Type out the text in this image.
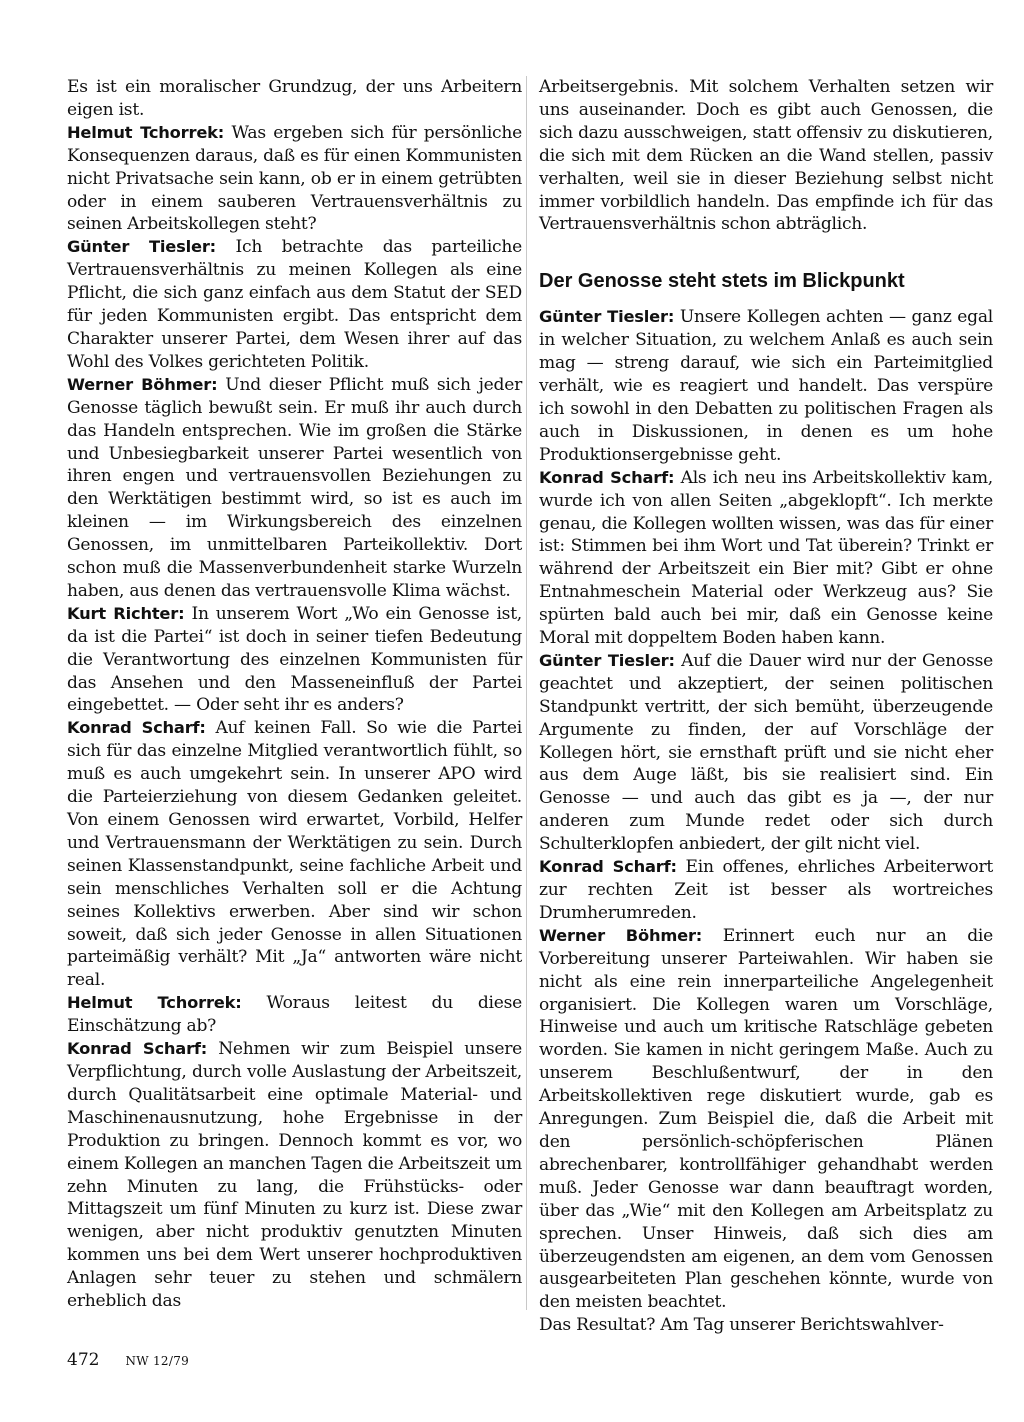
Es ist ein moralischer Grundzug, der uns Arbeitern eigen ist.

Helmut Tchorrek: Was ergeben sich für persönliche Konsequenzen daraus, daß es für einen Kommunisten nicht Privatsache sein kann, ob er in einem getrübten oder in einem sauberen Vertrauensverhältnis zu seinen Arbeitskollegen steht?

Günter Tiesler: Ich betrachte das parteiliche Vertrauensverhältnis zu meinen Kollegen als eine Pflicht, die sich ganz einfach aus dem Statut der SED für jeden Kommunisten ergibt. Das entspricht dem Charakter unserer Partei, dem Wesen ihrer auf das Wohl des Volkes gerichteten Politik.

Werner Böhmer: Und dieser Pflicht muß sich jeder Genosse täglich bewußt sein. Er muß ihr auch durch das Handeln entsprechen. Wie im großen die Stärke und Unbesiegbarkeit unserer Partei wesentlich von ihren engen und vertrauensvollen Beziehungen zu den Werktätigen bestimmt wird, so ist es auch im kleinen — im Wirkungsbereich des einzelnen Genossen, im unmittelbaren Parteikollektiv. Dort schon muß die Massenverbundenheit starke Wurzeln haben, aus denen das vertrauensvolle Klima wächst.

Kurt Richter: In unserem Wort „Wo ein Genosse ist, da ist die Partei“ ist doch in seiner tiefen Bedeutung die Verantwortung des einzelnen Kommunisten für das Ansehen und den Masseneinfluß der Partei eingebettet. — Oder seht ihr es anders?

Konrad Scharf: Auf keinen Fall. So wie die Partei sich für das einzelne Mitglied verantwortlich fühlt, so muß es auch umgekehrt sein. In unserer APO wird die Parteierziehung von diesem Gedanken geleitet. Von einem Genossen wird erwartet, Vorbild, Helfer und Vertrauensmann der Werktätigen zu sein. Durch seinen Klassenstandpunkt, seine fachliche Arbeit und sein menschliches Verhalten soll er die Achtung seines Kollektivs erwerben. Aber sind wir schon soweit, daß sich jeder Genosse in allen Situationen parteimäßig verhält? Mit „Ja“ antworten wäre nicht real.

Helmut Tchorrek: Woraus leitest du diese Einschätzung ab?

Konrad Scharf: Nehmen wir zum Beispiel unsere Verpflichtung, durch volle Auslastung der Arbeitszeit, durch Qualitätsarbeit eine optimale Material- und Maschinenausnutzung, hohe Ergebnisse in der Produktion zu bringen. Dennoch kommt es vor, wo einem Kollegen an manchen Tagen die Arbeitszeit um zehn Minuten zu lang, die Frühstücks- oder Mittagszeit um fünf Minuten zu kurz ist. Diese zwar wenigen, aber nicht produktiv genutzten Minuten kommen uns bei dem Wert unserer hochproduktiven Anlagen sehr teuer zu stehen und schmälern erheblich das

Arbeitsergebnis. Mit solchem Verhalten setzen wir uns auseinander. Doch es gibt auch Genossen, die sich dazu ausschweigen, statt offensiv zu diskutieren, die sich mit dem Rücken an die Wand stellen, passiv verhalten, weil sie in dieser Beziehung selbst nicht immer vorbildlich handeln. Das empfinde ich für das Vertrauensverhältnis schon abträglich.

Der Genosse steht stets im Blickpunkt

Günter Tiesler: Unsere Kollegen achten — ganz egal in welcher Situation, zu welchem Anlaß es auch sein mag — streng darauf, wie sich ein Parteimitglied verhält, wie es reagiert und handelt. Das verspüre ich sowohl in den Debatten zu politischen Fragen als auch in Diskussionen, in denen es um hohe Produktionsergebnisse geht.

Konrad Scharf: Als ich neu ins Arbeitskollektiv kam, wurde ich von allen Seiten „abgeklopft“. Ich merkte genau, die Kollegen wollten wissen, was das für einer ist: Stimmen bei ihm Wort und Tat überein? Trinkt er während der Arbeitszeit ein Bier mit? Gibt er ohne Entnahmeschein Material oder Werkzeug aus? Sie spürten bald auch bei mir, daß ein Genosse keine Moral mit doppeltem Boden haben kann.

Günter Tiesler: Auf die Dauer wird nur der Genosse geachtet und akzeptiert, der seinen politischen Standpunkt vertritt, der sich bemüht, überzeugende Argumente zu finden, der auf Vorschläge der Kollegen hört, sie ernsthaft prüft und sie nicht eher aus dem Auge läßt, bis sie realisiert sind. Ein Genosse — und auch das gibt es ja —, der nur anderen zum Munde redet oder sich durch Schulterklopfen anbiedert, der gilt nicht viel.

Konrad Scharf: Ein offenes, ehrliches Arbeiterwort zur rechten Zeit ist besser als wortreiches Drumherumreden.

Werner Böhmer: Erinnert euch nur an die Vorbereitung unserer Parteiwahlen. Wir haben sie nicht als eine rein innerparteiliche Angelegenheit organisiert. Die Kollegen waren um Vorschläge, Hinweise und auch um kritische Ratschläge gebeten worden. Sie kamen in nicht geringem Maße. Auch zu unserem Beschlußentwurf, der in den Arbeitskollektiven rege diskutiert wurde, gab es Anregungen. Zum Beispiel die, daß die Arbeit mit den persönlich-schöpferischen Plänen abrechenbarer, kontrollfähiger gehandhabt werden muß. Jeder Genosse war dann beauftragt worden, über das „Wie“ mit den Kollegen am Arbeitsplatz zu sprechen. Unser Hinweis, daß sich dies am überzeugendsten am eigenen, an dem vom Genossen ausgearbeiteten Plan geschehen könnte, wurde von den meisten beachtet.

Das Resultat? Am Tag unserer Berichtswahlver-

472 NW 12/79
